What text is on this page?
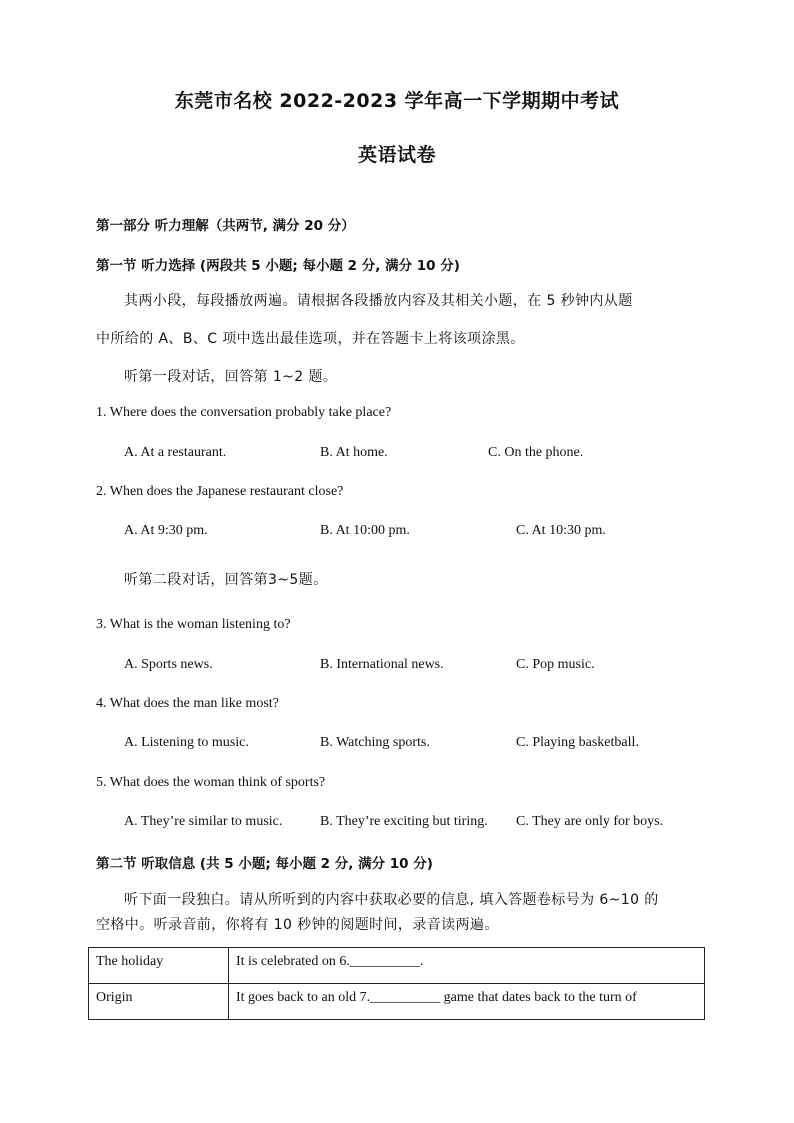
东莞市名校 2022-2023 学年高一下学期期中考试
英语试卷
第一部分 听力理解（共两节, 满分 20 分）
第一节 听力选择 (两段共 5 小题; 每小题 2 分, 满分 10 分)
其两小段，每段播放两遍。请根据各段播放内容及其相关小题，在 5 秒钟内从题
中所给的 A、B、C 项中选出最佳选项，并在答题卡上将该项涂黑。
听第一段对话，回答第 1~2 题。
1. Where does the conversation probably take place?
A. At a restaurant.	B. At home.	C. On the phone.
2. When does the Japanese restaurant close?
A. At 9:30 pm.	B. At 10:00 pm.	C. At 10:30 pm.
听第二段对话，回答第3~5题。
3. What is the woman listening to?
A. Sports news.	B. International news.	C. Pop music.
4. What does the man like most?
A. Listening to music.	B. Watching sports.	C. Playing basketball.
5. What does the woman think of sports?
A. They’re similar to music.	B. They’re exciting but tiring. C. They are only for boys.
第二节 听取信息 (共 5 小题; 每小题 2 分, 满分 10 分)
听下面一段独白。请从所听到的内容中获取必要的信息, 填入答题卷标号为 6~10 的
空格中。听录音前，你将有 10 秒钟的阅题时间，录音读两遍。
The holiday	It is celebrated on 6.__________.
Origin	It goes back to an old 7.__________ game that dates back to the turn of
